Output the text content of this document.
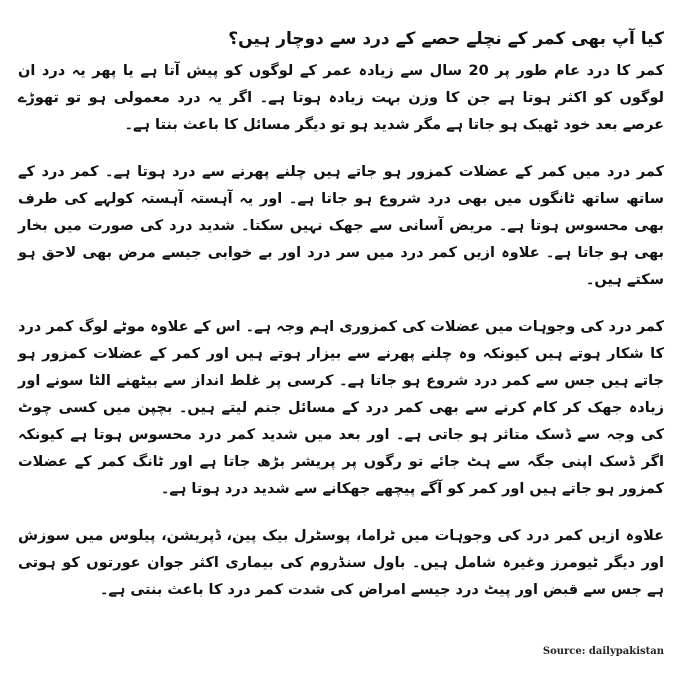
کیا آپ بھی کمر کے نچلے حصے کے درد سے دوچار ہیں؟

کمر کا درد عام طور پر 20 سال سے زیادہ عمر کے لوگوں کو پیش آتا ہے یا پھر یہ درد ان لوگوں کو اکثر ہوتا ہے جن کا وزن بہت زیادہ ہوتا ہے۔ اگر یہ درد معمولی ہو تو تھوڑے عرصے بعد خود ٹھیک ہو جاتا ہے مگر شدید ہو تو دیگر مسائل کا باعث بنتا ہے۔

کمر درد میں کمر کے عضلات کمزور ہو جاتے ہیں چلنے پھرنے سے درد ہوتا ہے۔ کمر درد کے ساتھ ساتھ ٹانگوں میں بھی درد شروع ہو جاتا ہے۔ اور یہ آہستہ آہستہ کولہے کی طرف بھی محسوس ہوتا ہے۔ مریض آسانی سے جھک نہیں سکتا۔ شدید درد کی صورت میں بخار بھی ہو جاتا ہے۔ علاوہ ازیں کمر درد میں سر درد اور بے خوابی جیسے مرض بھی لاحق ہو سکتے ہیں۔

کمر درد کی وجوہات میں عضلات کی کمزوری اہم وجہ ہے۔ اس کے علاوہ موٹے لوگ کمر درد کا شکار ہوتے ہیں کیونکہ وہ چلنے پھرنے سے بیزار ہوتے ہیں اور کمر کے عضلات کمزور ہو جاتے ہیں جس سے کمر درد شروع ہو جاتا ہے۔ کرسی پر غلط انداز سے بیٹھنے الٹا سونے اور زیادہ جھک کر کام کرنے سے بھی کمر درد کے مسائل جنم لیتے ہیں۔ بچپن میں کسی چوٹ کی وجہ سے ڈسک متاثر ہو جاتی ہے۔ اور بعد میں شدید کمر درد محسوس ہوتا ہے کیونکہ اگر ڈسک اپنی جگہ سے ہٹ جائے تو رگوں پر پریشر بڑھ جاتا ہے اور ٹانگ کمر کے عضلات کمزور ہو جاتے ہیں اور کمر کو آگے پیچھے جھکانے سے شدید درد ہوتا ہے۔

علاوہ ازیں کمر درد کی وجوہات میں ٹراما، پوسٹرل بیک پین، ڈپریشن، پیلوس میں سوزش اور دیگر ٹیومرز وغیرہ شامل ہیں۔ باول سنڈروم کی بیماری اکثر جوان عورتوں کو ہوتی ہے جس سے قبض اور پیٹ درد جیسے امراض کی شدت کمر درد کا باعث بنتی ہے۔

Source: dailypakistan
